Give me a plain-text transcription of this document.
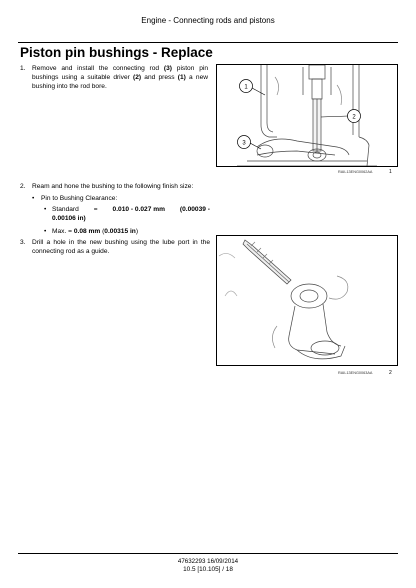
Engine - Connecting rods and pistons
Piston pin bushings - Replace
1. Remove and install the connecting rod (3) piston pin bushings using a suitable driver (2) and press (1) a new bushing into the rod bore.	1
2
3
RAIL13ENG0062AA	1
2. Ream and hone the bushing to the following finish size:
• Pin to Bushing Clearance:
• Standard = 0.010 - 0.027 mm (0.00039 -
0.00106 in)
• Max. = 0.08 mm (0.00315 in)
3. Drill a hole in the new bushing using the lube port in the connecting rod as a guide.
RAIL13ENG0063AA	2
47632293 16/09/2014
10.5 [10.105] / 18
